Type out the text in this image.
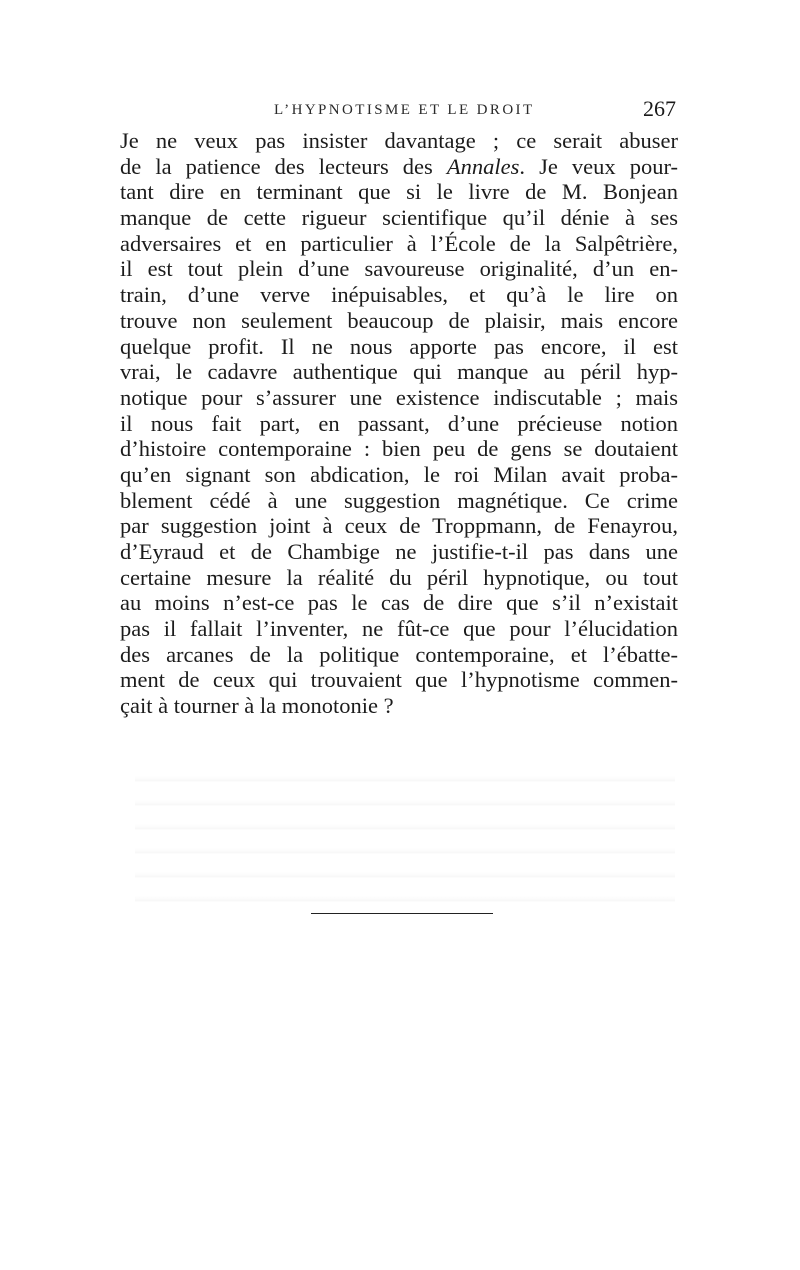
L’HYPNOTISME ET LE DROIT	267
Je ne veux pas insister davantage ; ce serait abuser
de la patience des lecteurs des Annales. Je veux pour-
tant dire en terminant que si le livre de M. Bonjean
manque de cette rigueur scientifique qu’il dénie à ses
adversaires et en particulier à l’École de la Salpêtrière,
il est tout plein d’une savoureuse originalité, d’un en-
train, d’une verve inépuisables, et qu’à le lire on
trouve non seulement beaucoup de plaisir, mais encore
quelque profit. Il ne nous apporte pas encore, il est
vrai, le cadavre authentique qui manque au péril hyp-
notique pour s’assurer une existence indiscutable ; mais
il nous fait part, en passant, d’une précieuse notion
d’histoire contemporaine : bien peu de gens se doutaient
qu’en signant son abdication, le roi Milan avait proba-
blement cédé à une suggestion magnétique. Ce crime
par suggestion joint à ceux de Troppmann, de Fenayrou,
d’Eyraud et de Chambige ne justifie-t-il pas dans une
certaine mesure la réalité du péril hypnotique, ou tout
au moins n’est-ce pas le cas de dire que s’il n’existait
pas il fallait l’inventer, ne fût-ce que pour l’élucidation
des arcanes de la politique contemporaine, et l’ébatte-
ment de ceux qui trouvaient que l’hypnotisme commen-
çait à tourner à la monotonie ?
